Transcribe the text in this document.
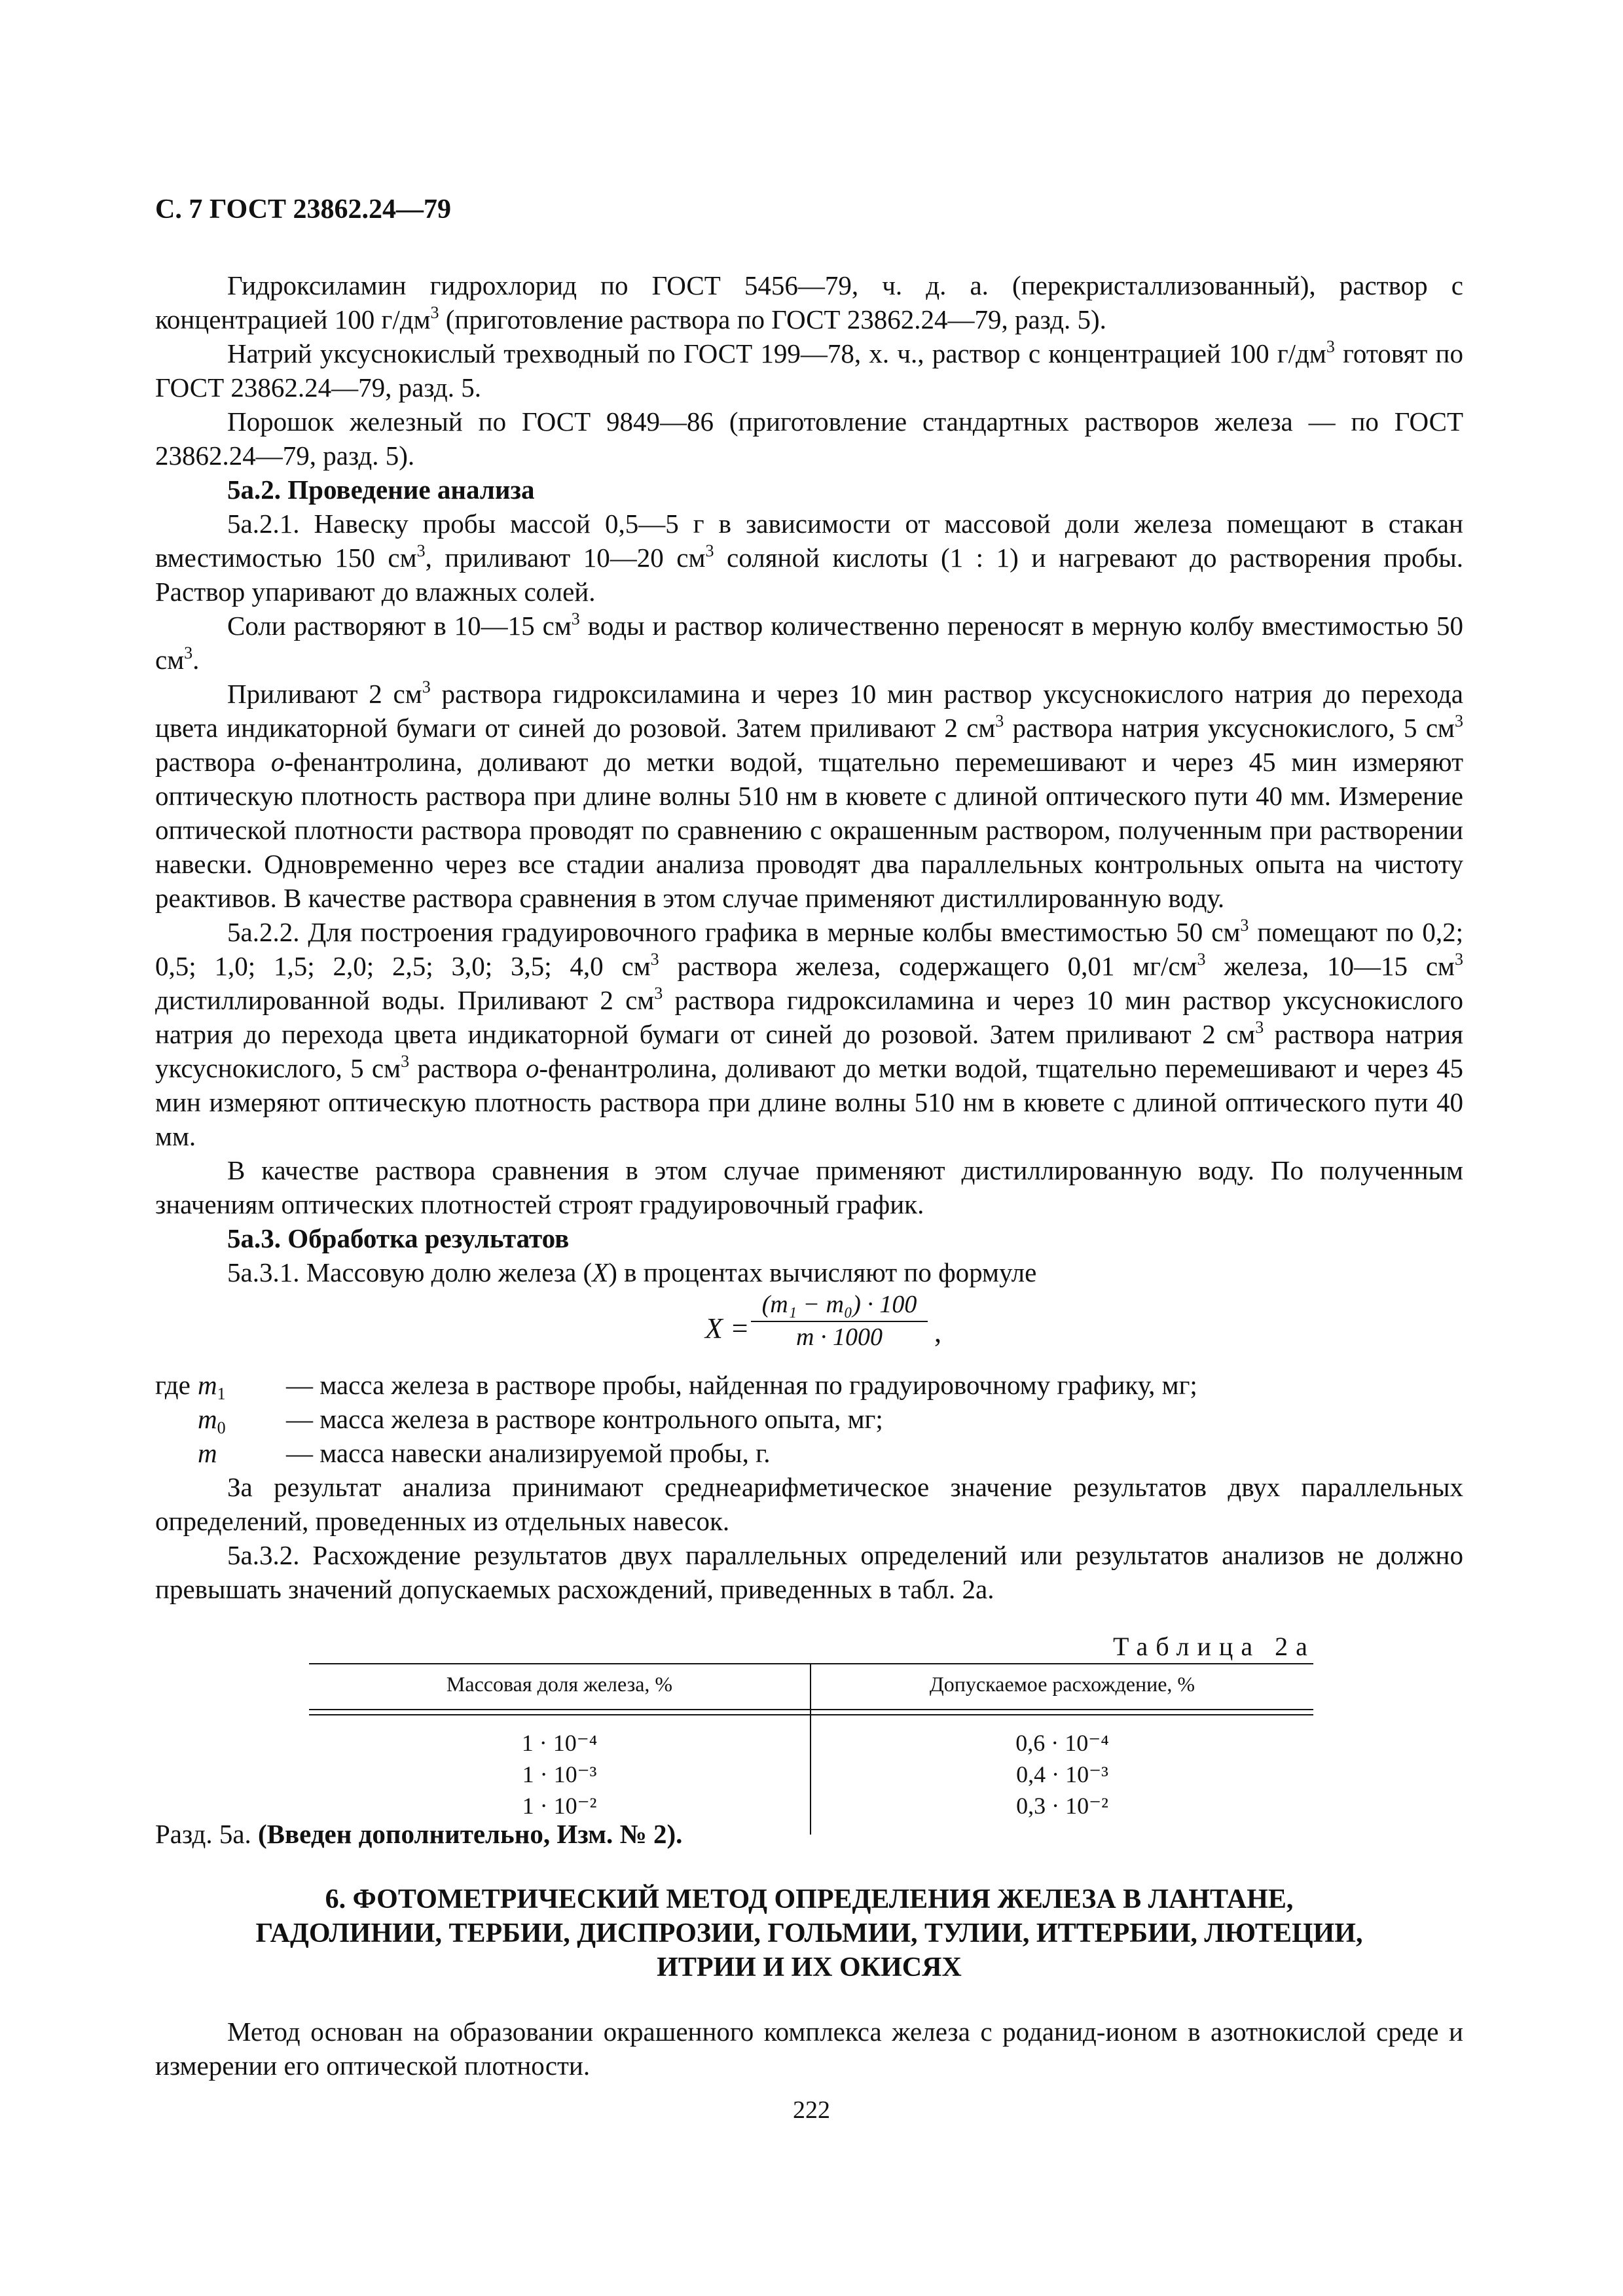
С. 7 ГОСТ 23862.24—79

Гидроксиламин гидрохлорид по ГОСТ 5456—79, ч. д. а. (перекристаллизованный), раствор с концентрацией 100 $г/дм^3$ (приготовление раствора по ГОСТ 23862.24—79, разд. 5).

Натрий уксуснокислый трехводный по ГОСТ 199—78, х. ч., раствор с концентрацией 100 $г/дм^3$ готовят по ГОСТ 23862.24—79, разд. 5.

Порошок железный по ГОСТ 9849—86 (приготовление стандартных растворов железа — по ГОСТ 23862.24—79, разд. 5).

5а.2. Проведение анализа

5а.2.1. Навеску пробы массой 0,5—5 г в зависимости от массовой доли железа помещают в стакан вместимостью 150 $см^3$, приливают 10—20 $см^3$ соляной кислоты (1 : 1) и нагревают до растворения пробы. Раствор упаривают до влажных солей.

Соли растворяют в 10—15 $см^3$ воды и раствор количественно переносят в мерную колбу вместимостью 50 $см^3$.

Приливают 2 $см^3$ раствора гидроксиламина и через 10 мин раствор уксуснокислого натрия до перехода цвета индикаторной бумаги от синей до розовой. Затем приливают 2 $см^3$ раствора натрия уксуснокислого, 5 $см^3$ раствора о-фенантролина, доливают до метки водой, тщательно перемешивают и через 45 мин измеряют оптическую плотность раствора при длине волны 510 нм в кювете с длиной оптического пути 40 мм. Измерение оптической плотности раствора проводят по сравнению с окрашенным раствором, полученным при растворении навески. Одновременно через все стадии анализа проводят два параллельных контрольных опыта на чистоту реактивов. В качестве раствора сравнения в этом случае применяют дистиллированную воду.

5а.2.2. Для построения градуировочного графика в мерные колбы вместимостью 50 $см^3$ помещают по 0,2; 0,5; 1,0; 1,5; 2,0; 2,5; 3,0; 3,5; 4,0 $см^3$ раствора железа, содержащего 0,01 $мг/см^3$ железа, 10—15 $см^3$ дистиллированной воды. Приливают 2 $см^3$ раствора гидроксиламина и через 10 мин раствор уксуснокислого натрия до перехода цвета индикаторной бумаги от синей до розовой. Затем приливают 2 $см^3$ раствора натрия уксуснокислого, 5 $см^3$ раствора о-фенантролина, доливают до метки водой, тщательно перемешивают и через 45 мин измеряют оптическую плотность раствора при длине волны 510 нм в кювете с длиной оптического пути 40 мм.

В качестве раствора сравнения в этом случае применяют дистиллированную воду. По полученным значениям оптических плотностей строят градуировочный график.

5а.3. Обработка результатов

5а.3.1. Массовую долю железа (X) в процентах вычисляют по формуле

$X = \frac{\text{(m₁ − m₀) · 100}}{m \cdot 1000}$ ,
где $m_1$ — масса железа в растворе пробы, найденная по градуировочному графику, мг;
$m_0$ — масса железа в растворе контрольного опыта, мг;
m	— масса навески анализируемой пробы, г.

За результат анализа принимают среднеарифметическое значение результатов двух параллельных определений, проведенных из отдельных навесок.

5а.3.2. Расхождение результатов двух параллельных определений или результатов анализов не должно превышать значений допускаемых расхождений, приведенных в табл. 2а.

Таблица 2а
Массовая доля железа, %	Допускаемое расхождение, %
1 · 10⁻⁴
1 · 10⁻³
1 · 10⁻²
0,6 · 10⁻⁴
0,4 · 10⁻³
0,3 · 10⁻²
Разд. 5а. (Введен дополнительно, Изм. № 2).
6. ФОТОМЕТРИЧЕСКИЙ МЕТОД ОПРЕДЕЛЕНИЯ ЖЕЛЕЗА В ЛАНТАНЕ,
ГАДОЛИНИИ, ТЕРБИИ, ДИСПРОЗИИ, ГОЛЬМИИ, ТУЛИИ, ИТТЕРБИИ, ЛЮТЕЦИИ,
ИТРИИ И ИХ ОКИСЯХ

Метод основан на образовании окрашенного комплекса железа с роданид-ионом в азотнокислой среде и измерении его оптической плотности.

222
